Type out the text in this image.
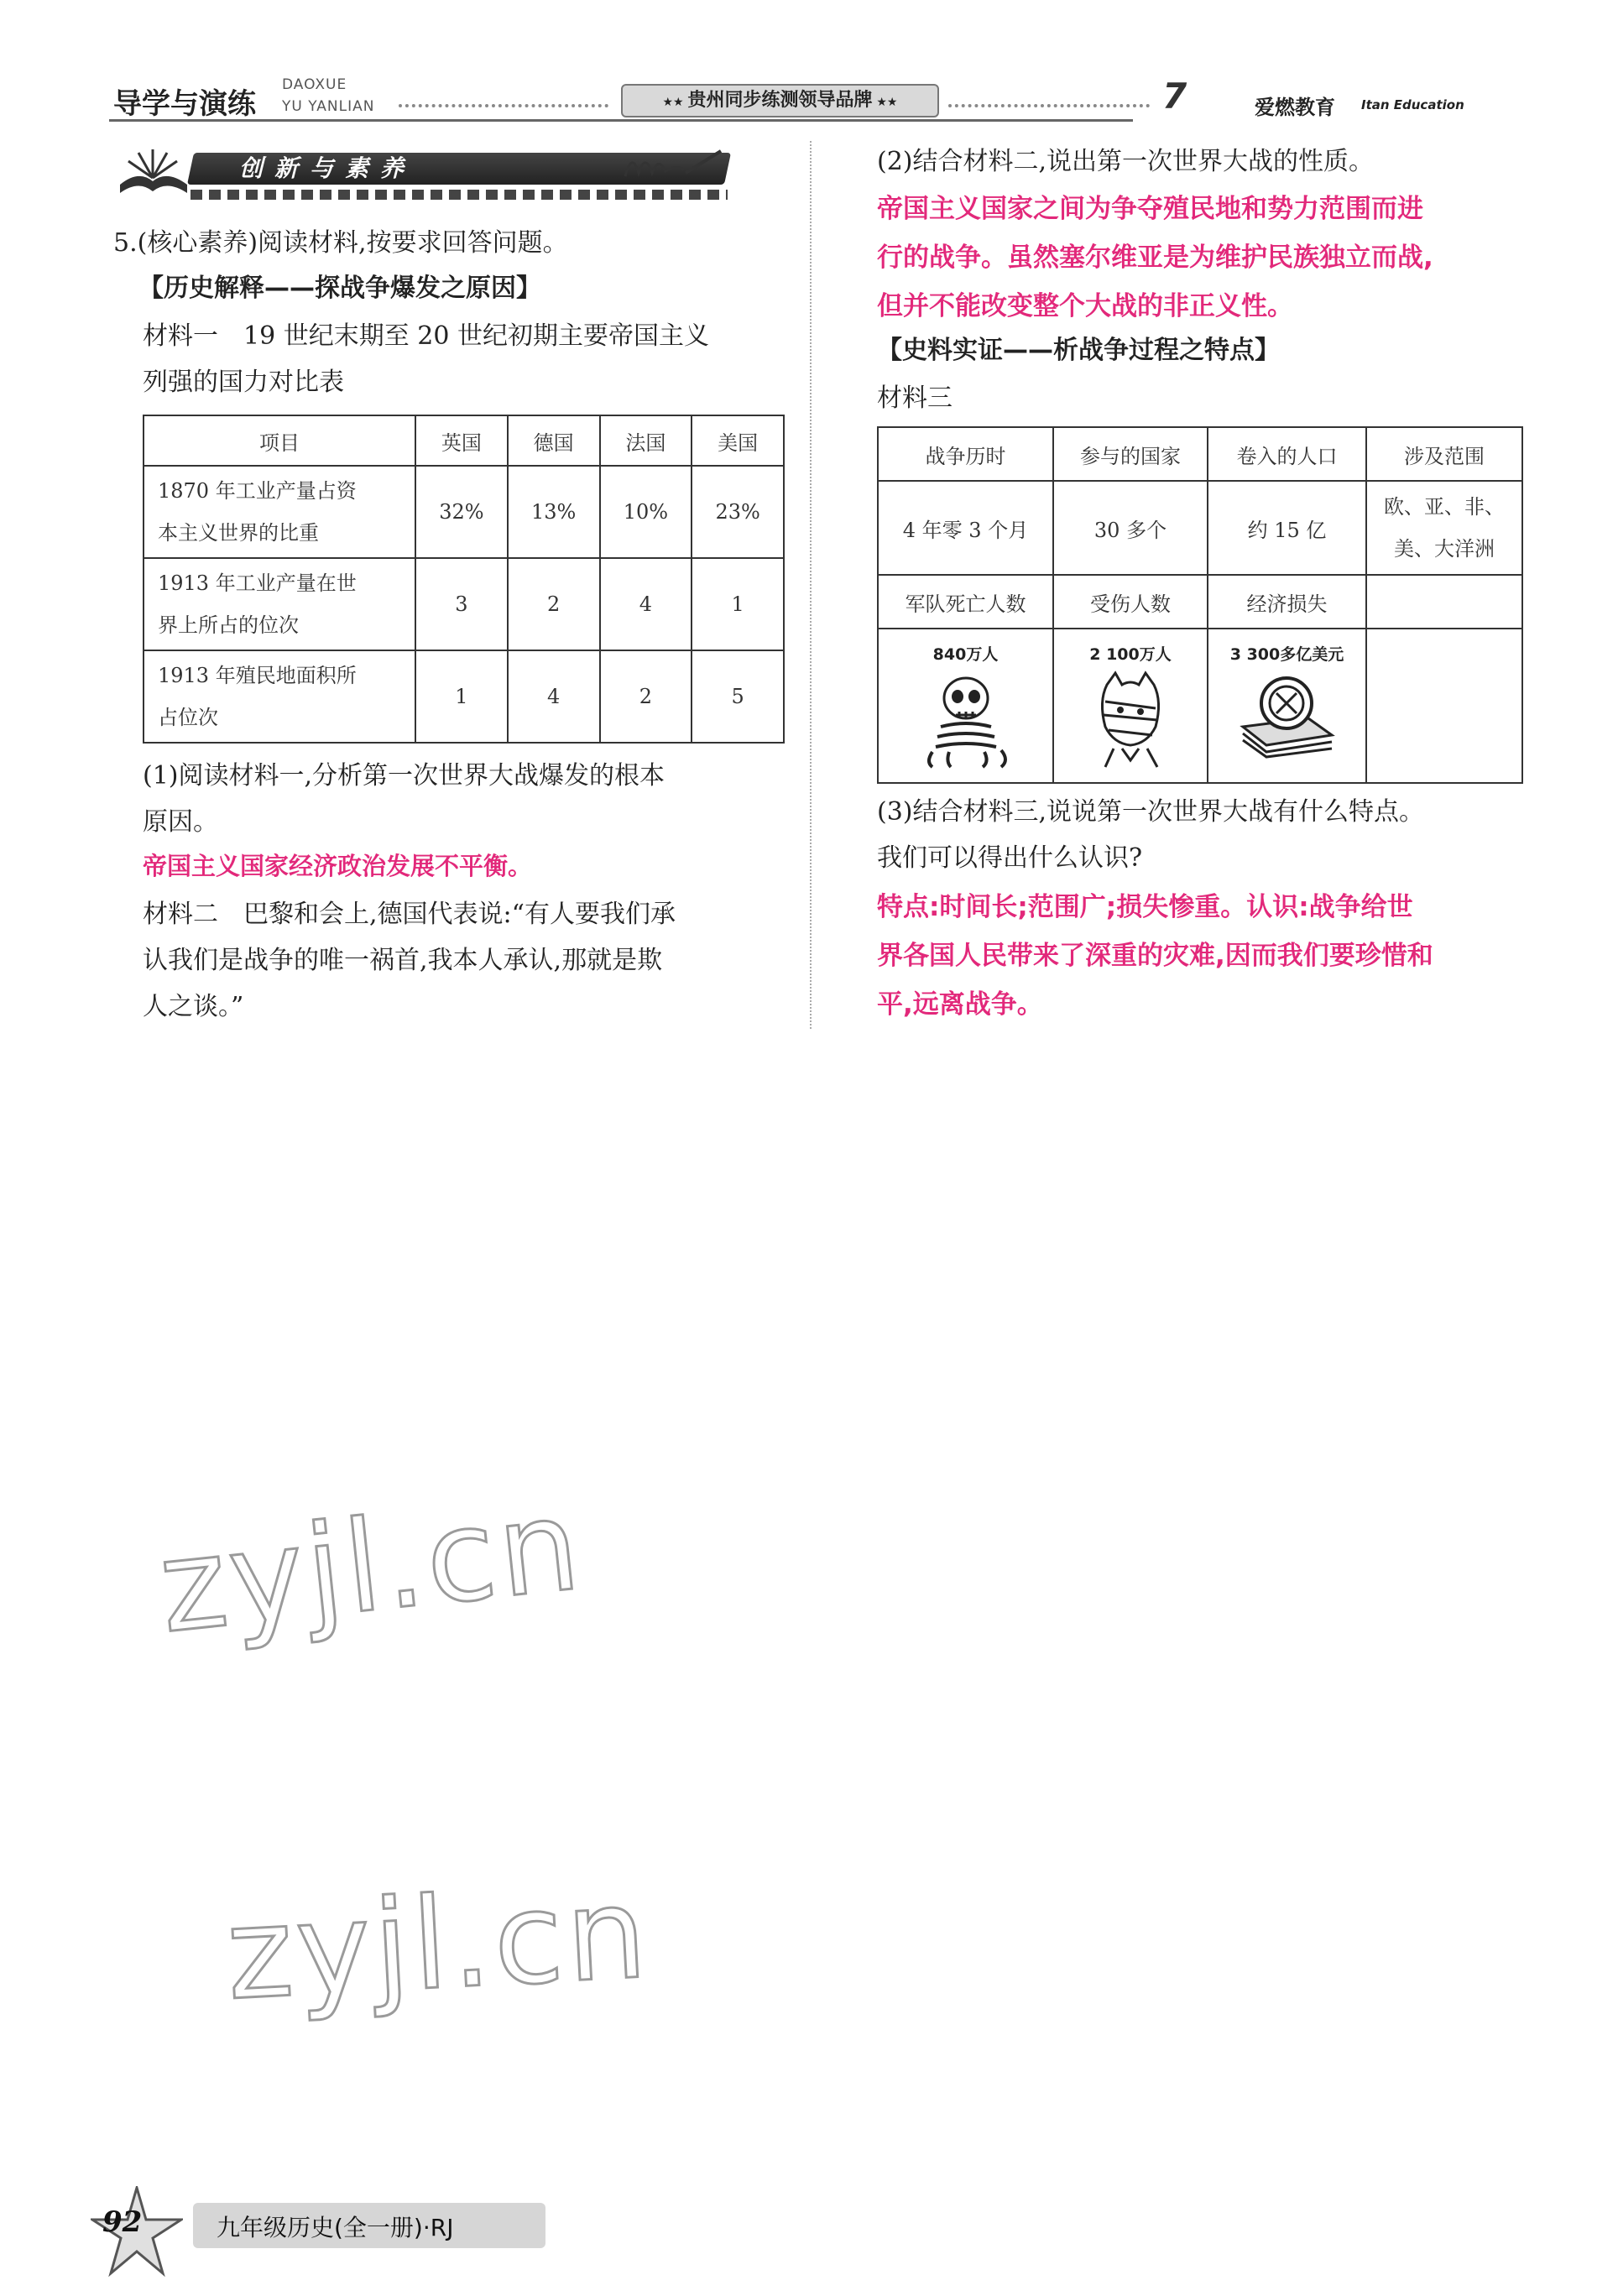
导学与演练
DAOXUE
YU YANLIAN	★★ 贵州同步练测领导品牌 ★★	7	爱燃教育 Itan Education
创新与素养
5.(核心素养)阅读材料,按要求回答问题。
【历史解释——探战争爆发之原因】
材料一　19 世纪末期至 20 世纪初期主要帝国主义
列强的国力对比表
项目	英国	德国	法国	美国

1870 年工业产量占资
本主义世界的比重	32%	13%	10%	23%

1913 年工业产量在世
界上所占的位次	3	2	4	1

1913 年殖民地面积所
占位次	1	4	2	5
(1)阅读材料一,分析第一次世界大战爆发的根本
原因。
帝国主义国家经济政治发展不平衡。
材料二　巴黎和会上,德国代表说:“有人要我们承
认我们是战争的唯一祸首,我本人承认,那就是欺
人之谈。”
(2)结合材料二,说出第一次世界大战的性质。
帝国主义国家之间为争夺殖民地和势力范围而进
行的战争。虽然塞尔维亚是为维护民族独立而战,
但并不能改变整个大战的非正义性。
【史料实证——析战争过程之特点】
材料三
战争历时	参与的国家	卷入的人口	涉及范围
4 年零 3 个月	30 多个	约 15 亿	欧、亚、非、
美、大洋洲

军队死亡人数	受伤人数	经济损失	

840万人	2 100万人	3 300多亿美元	

(3)结合材料三,说说第一次世界大战有什么特点。
我们可以得出什么认识?
特点:时间长;范围广;损失惨重。认识:战争给世
界各国人民带来了深重的灾难,因而我们要珍惜和
平,远离战争。
zyjl.cn
zyjl.cn
92	九年级历史(全一册)·RJ
